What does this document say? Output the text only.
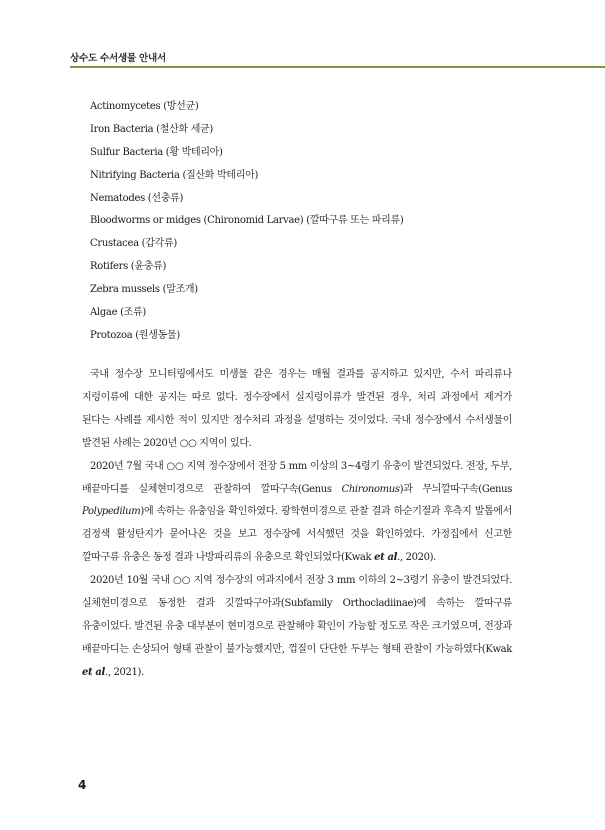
상수도 수서생물 안내서
Actinomycetes (방선균)
Iron Bacteria (철산화 세균)
Sulfur Bacteria (황 박테리아)
Nitrifying Bacteria (질산화 박테리아)
Nematodes (선충류)
Bloodworms or midges (Chironomid Larvae) (깔따구류 또는 파리류)
Crustacea (갑각류)
Rotifers (윤충류)
Zebra mussels (말조개)
Algae (조류)
Protozoa (원생동물)

국내 정수장 모니터링에서도 미생물 같은 경우는 매월 결과를 공지하고 있지만, 수서 파리류나 지렁이류에 대한 공지는 따로 없다. 정수장에서 실지렁이류가 발견된 경우, 처리 과정에서 제거가 된다는 사례를 제시한 적이 있지만 정수처리 과정을 설명하는 것이었다. 국내 정수장에서 수서생물이 발견된 사례는 2020년 ○○ 지역이 있다.

2020년 7월 국내 ○○ 지역 정수장에서 전장 5 mm 이상의 3~4령기 유충이 발견되었다. 전장, 두부, 배끝마디를 실체현미경으로 관찰하여 깔따구속(Genus Chironomus)과 무늬깔따구속(Genus Polypedilum)에 속하는 유충임을 확인하였다. 광학현미경으로 관찰 결과 하순기절과 후측지 발톱에서 검정색 활성탄지가 묻어나온 것을 보고 정수장에 서식했던 것을 확인하였다. 가정집에서 신고한 깔따구류 유충은 동정 결과 나방파리류의 유충으로 확인되었다(Kwak et al., 2020).

2020년 10월 국내 ○○ 지역 정수장의 여과지에서 전장 3 mm 이하의 2~3령기 유충이 발견되었다. 실체현미경으로 동정한 결과 깃깔따구아과(Subfamily Orthocladiinae)에 속하는 깔따구류 유충이었다. 발견된 유충 대부분이 현미경으로 관찰해야 확인이 가능할 정도로 작은 크기였으며, 전장과 배끝마디는 손상되어 형태 관찰이 불가능했지만, 껍질이 단단한 두부는 형태 관찰이 가능하였다(Kwak et al., 2021).

4
